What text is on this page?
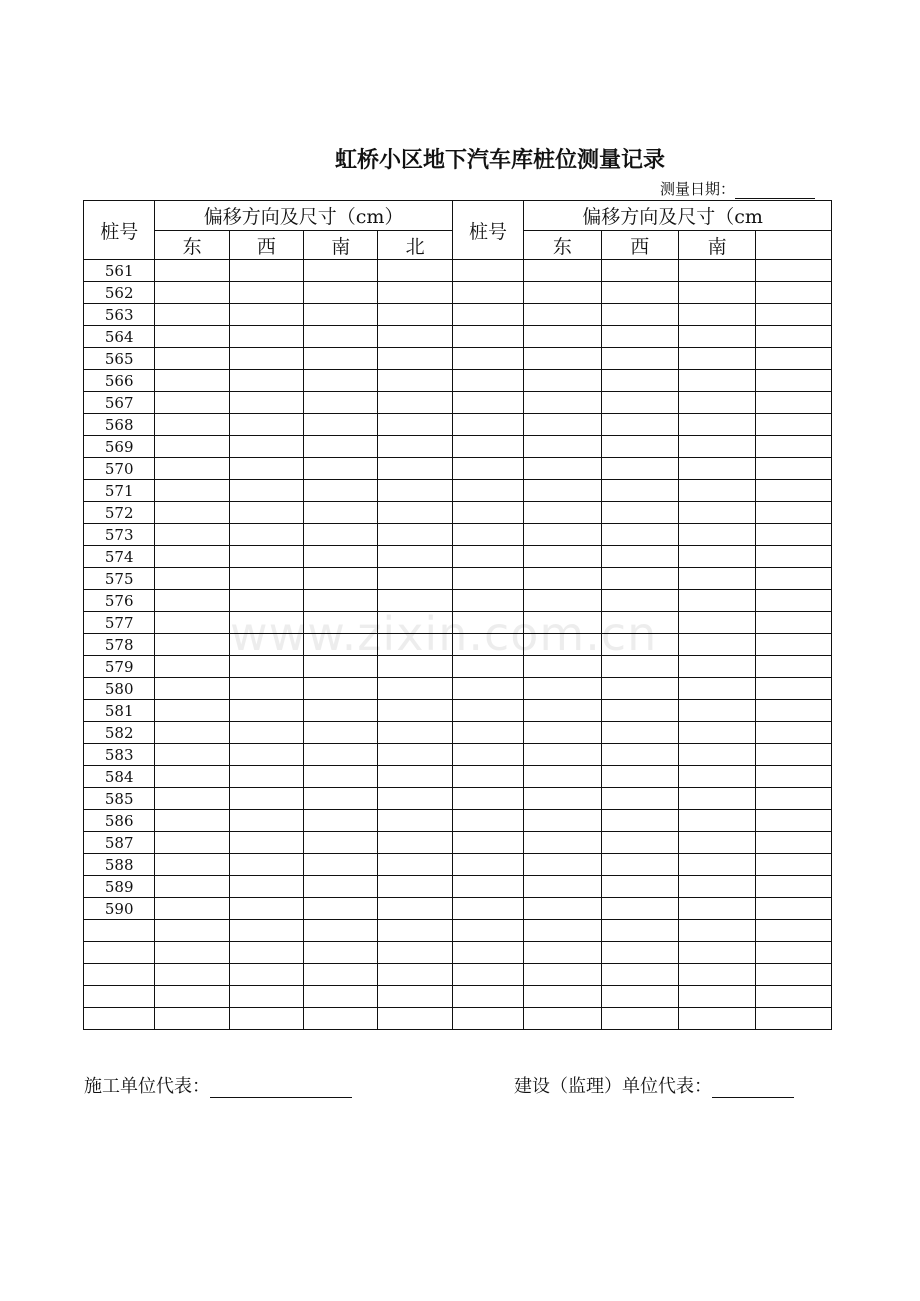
虹桥小区地下汽车库桩位测量记录
测量日期：
桩号	偏移方向及尺寸（cm）				桩号	偏移方向及尺寸（cm			
	东	西	南	北		东	西	南	
561									
562									
563									
564									
565									
566									
567									
568									
569									
570									
571									
572									
573									
574									
575									
576									
577									
578									
579									
580									
581									
582									
583									
584									
585									
586									
587									
588									
589									
590									

www.zixin.com.cn
施工单位代表：	建设（监理）单位代表：
